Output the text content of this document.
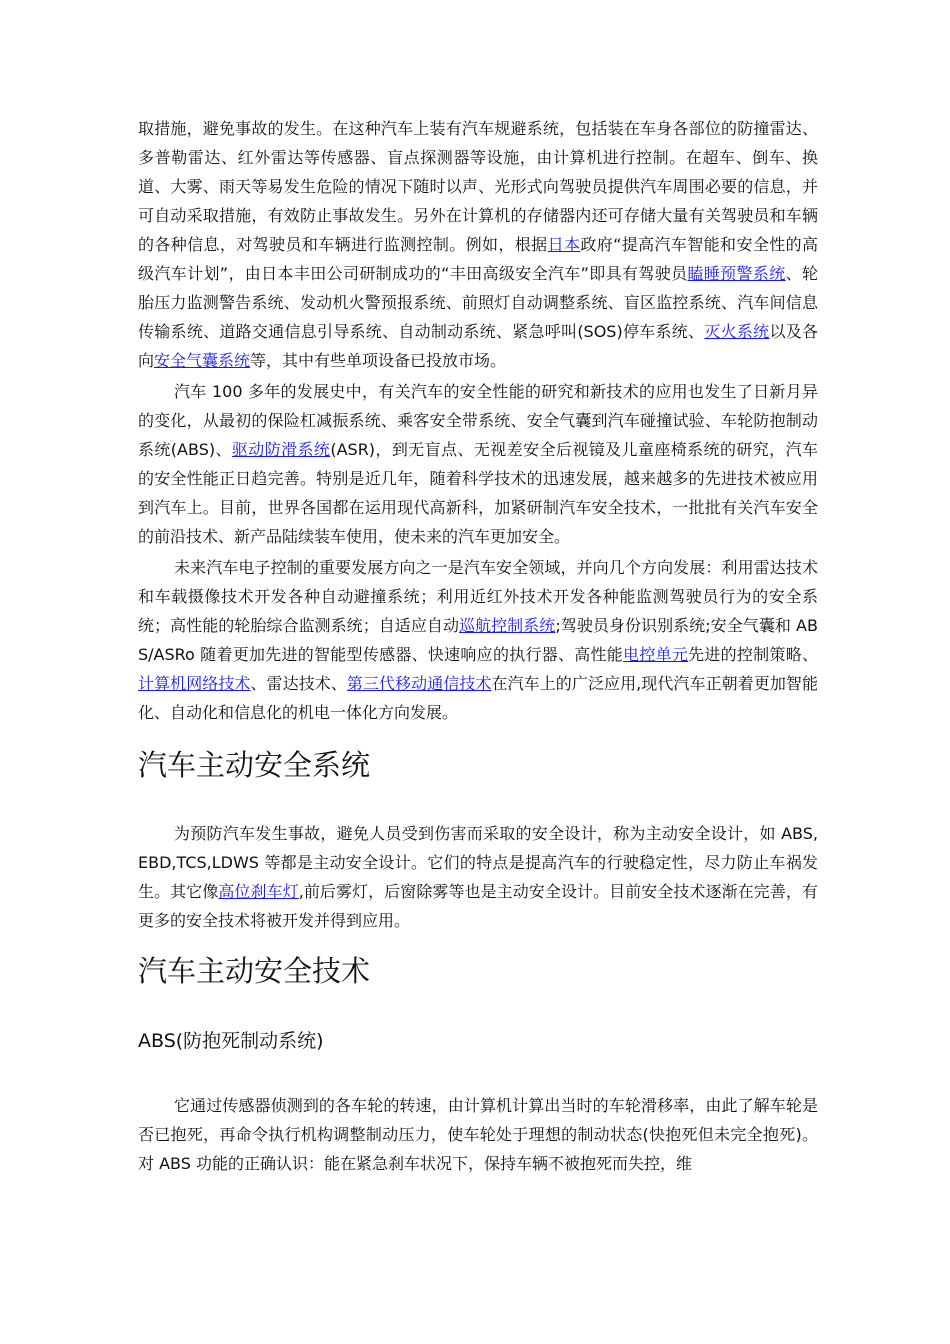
取措施，避免事故的发生。在这种汽车上装有汽车规避系统，包括装在车身各部位的防撞雷达、多普勒雷达、红外雷达等传感器、盲点探测器等设施，由计算机进行控制。在超车、倒车、换道、大雾、雨天等易发生危险的情况下随时以声、光形式向驾驶员提供汽车周围必要的信息，并可自动采取措施，有效防止事故发生。另外在计算机的存储器内还可存储大量有关驾驶员和车辆的各种信息，对驾驶员和车辆进行监测控制。例如，根据日本政府“提高汽车智能和安全性的高级汽车计划”，由日本丰田公司研制成功的“丰田高级安全汽车”即具有驾驶员瞌睡预警系统、轮胎压力监测警告系统、发动机火警预报系统、前照灯自动调整系统、盲区监控系统、汽车间信息传输系统、道路交通信息引导系统、自动制动系统、紧急呼叫(SOS)停车系统、灭火系统以及各向安全气囊系统等，其中有些单项设备已投放市场。

汽车 100 多年的发展史中，有关汽车的安全性能的研究和新技术的应用也发生了日新月异的变化，从最初的保险杠减振系统、乘客安全带系统、安全气囊到汽车碰撞试验、车轮防抱制动系统(ABS)、驱动防滑系统(ASR)，到无盲点、无视差安全后视镜及儿童座椅系统的研究，汽车的安全性能正日趋完善。特别是近几年，随着科学技术的迅速发展，越来越多的先进技术被应用到汽车上。目前，世界各国都在运用现代高新科，加紧研制汽车安全技术，一批批有关汽车安全的前沿技术、新产品陆续装车使用，使未来的汽车更加安全。

未来汽车电子控制的重要发展方向之一是汽车安全领域，并向几个方向发展：利用雷达技术和车载摄像技术开发各种自动避撞系统；利用近红外技术开发各种能监测驾驶员行为的安全系统；高性能的轮胎综合监测系统；自适应自动巡航控制系统;驾驶员身份识别系统;安全气囊和 ABS/ASRo 随着更加先进的智能型传感器、快速响应的执行器、高性能电控单元先进的控制策略、计算机网络技术、雷达技术、第三代移动通信技术在汽车上的广泛应用,现代汽车正朝着更加智能化、自动化和信息化的机电一体化方向发展。

汽车主动安全系统

为预防汽车发生事故，避免人员受到伤害而采取的安全设计，称为主动安全设计，如 ABS,EBD,TCS,LDWS 等都是主动安全设计。它们的特点是提高汽车的行驶稳定性，尽力防止车祸发生。其它像高位刹车灯,前后雾灯，后窗除雾等也是主动安全设计。目前安全技术逐渐在完善，有更多的安全技术将被开发并得到应用。

汽车主动安全技术
ABS(防抱死制动系统)

它通过传感器侦测到的各车轮的转速，由计算机计算出当时的车轮滑移率，由此了解车轮是否已抱死，再命令执行机构调整制动压力，使车轮处于理想的制动状态(快抱死但未完全抱死)。对 ABS 功能的正确认识：能在紧急刹车状况下，保持车辆不被抱死而失控，维
